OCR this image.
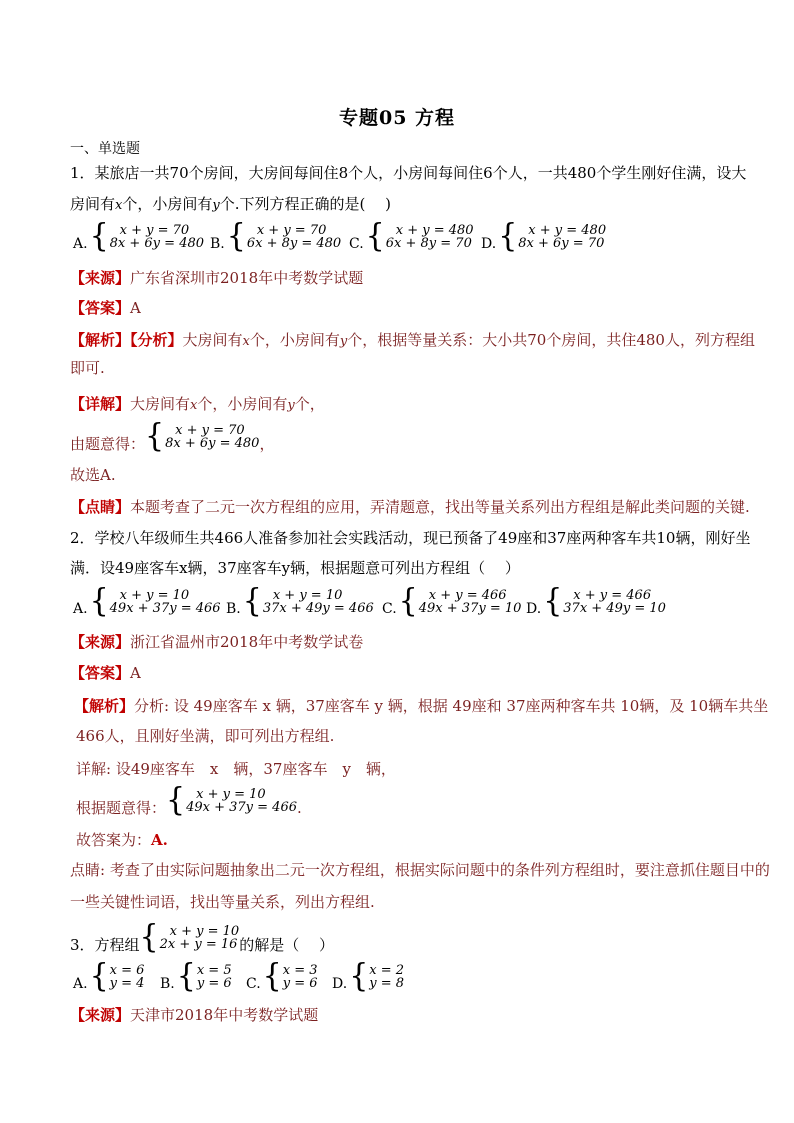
专题05 方程
一、单选题
1．某旅店一共70个房间，大房间每间住8个人，小房间每间住6个人，一共480个学生刚好住满，设大
房间有x个，小房间有y个.下列方程正确的是(　 )
A. { x + y = 70
8x + 6y = 480 B. { x + y = 70
6x + 8y = 480 C. { x + y = 480
6x + 8y = 70 D. { x + y = 480
8x + 6y = 70
【来源】广东省深圳市2018年中考数学试题
【答案】A
【解析】【分析】大房间有x个，小房间有y个，根据等量关系：大小共70个房间，共住480人，列方程组
即可.
【详解】大房间有x个，小房间有y个，
由题意得： { x + y = 70
8x + 6y = 480 ，
故选A.
【点睛】本题考查了二元一次方程组的应用，弄清题意，找出等量关系列出方程组是解此类问题的关键.
2．学校八年级师生共466人准备参加社会实践活动，现已预备了49座和37座两种客车共10辆，刚好坐
满．设49座客车x辆，37座客车y辆，根据题意可列出方程组（　 ）
A. { x + y = 10
49x + 37y = 466 B. { x + y = 10
37x + 49y = 466 C. { x + y = 466
49x + 37y = 10 D. { x + y = 466
37x + 49y = 10
【来源】浙江省温州市2018年中考数学试卷
【答案】A
【解析】分析: 设 49座客车 x 辆，37座客车 y 辆，根据 49座和 37座两种客车共 10辆，及 10辆车共坐
466人，且刚好坐满，即可列出方程组.
详解: 设49座客车　x　辆，37座客车　y　辆，
根据题意得： { x + y = 10
49x + 37y = 466 .
故答案为：A.
点睛: 考查了由实际问题抽象出二元一次方程组，根据实际问题中的条件列方程组时，要注意抓住题目中的
一些关键性词语，找出等量关系，列出方程组.
3．方程组 { x + y = 10
2x + y = 16 的解是（　 ）
A. { x = 6
y = 4 B. { x = 5
y = 6 C. { x = 3
y = 6 D. { x = 2
y = 8
【来源】天津市2018年中考数学试题
